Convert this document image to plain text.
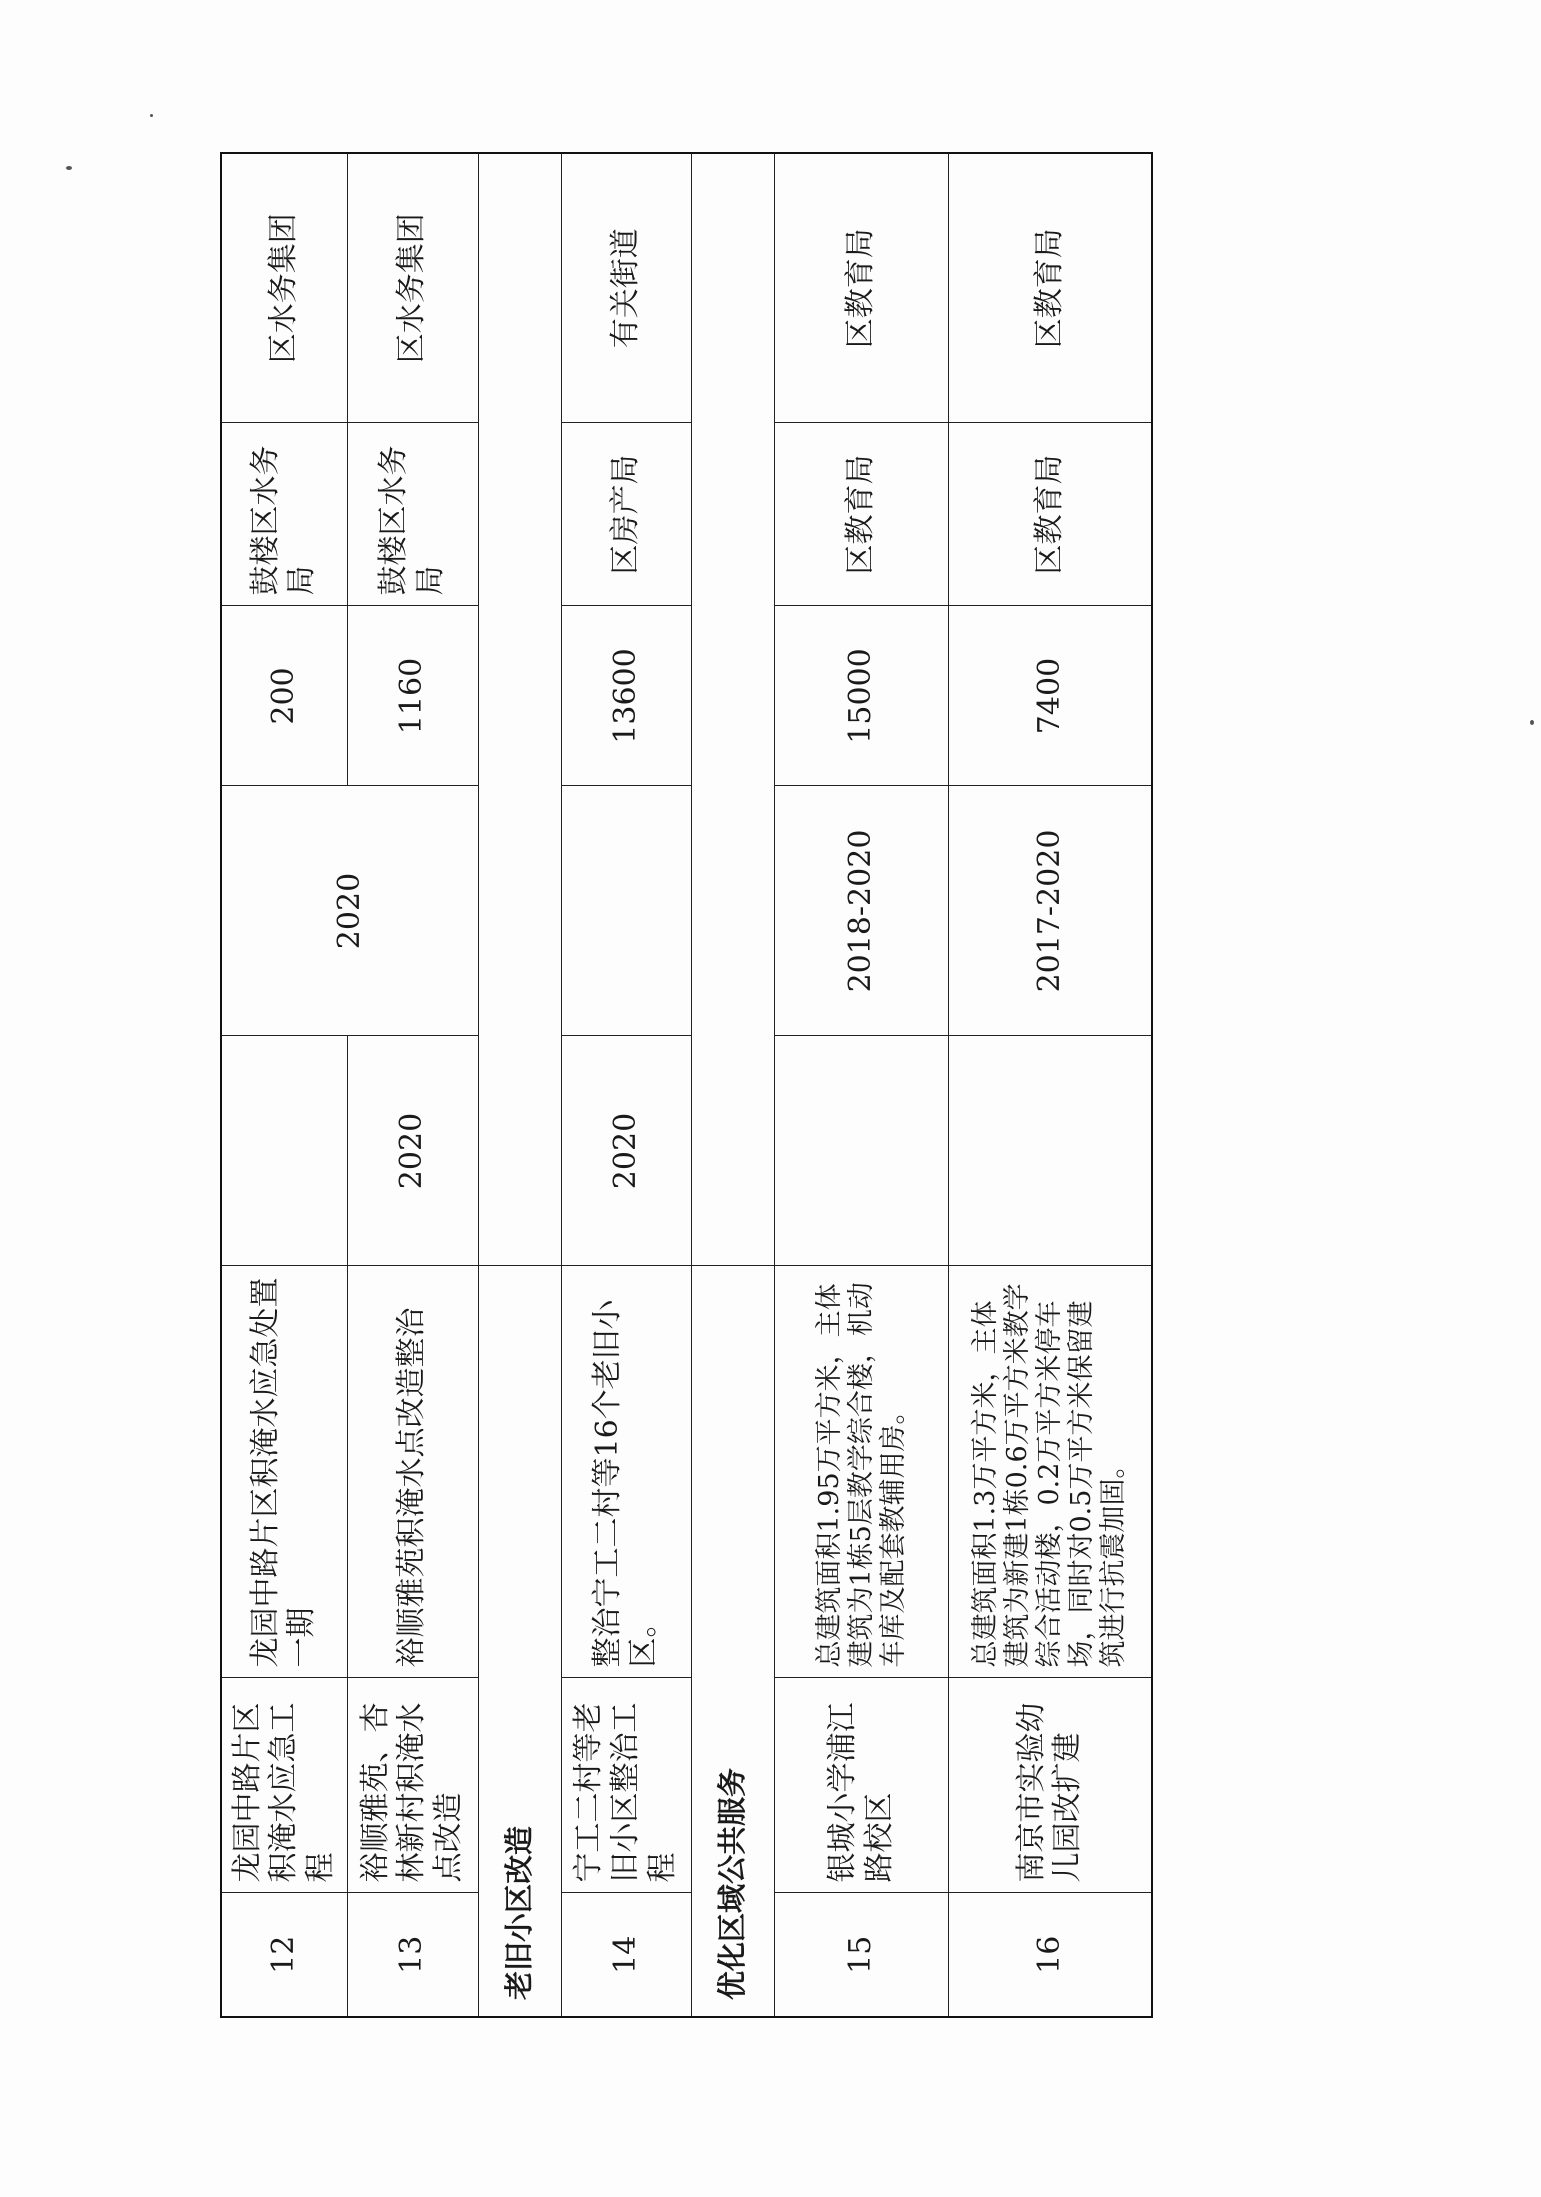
12	龙园中路片区积淹水应急工程	龙园中路片区积淹水应急处置一期		2020	200	鼓楼区水务局	区水务集团
13	裕顺雅苑、杏林新村积淹水点改造	裕顺雅苑积淹水点改造整治	2020		1160	鼓楼区水务局	区水务集团
老旧小区改造							
14	宁工二村等老旧小区整治工程	整治宁工二村等16个老旧小区。	2020		13600	区房产局	有关街道
优化区域公共服务							
15	银城小学浦江路校区	总建筑面积1.95万平方米，主体建筑为1栋5层教学综合楼，机动车库及配套教辅用房。		2018-2020	15000	区教育局	区教育局
16	南京市实验幼儿园改扩建	总建筑面积1.3万平方米，主体建筑为新建1栋0.6万平方米教学综合活动楼，0.2万平方米停车场，同时对0.5万平方米保留建筑进行抗震加固。		2017-2020	7400	区教育局	区教育局
